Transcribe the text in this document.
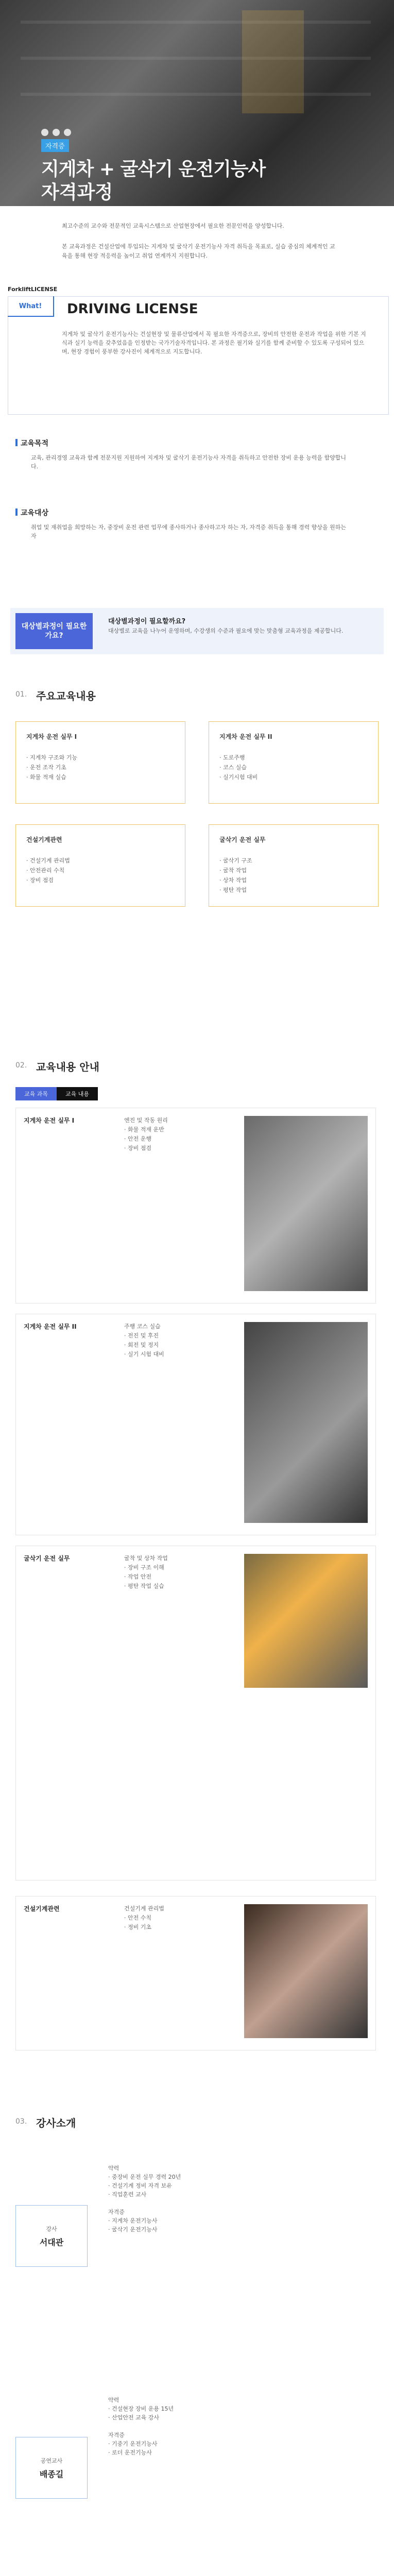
자격증
지게차 + 굴삭기 운전기능사
자격과정
최고수준의 교수와 전문적인 교육시스템으로 산업현장에서 필요한 전문인력을 양성합니다.
본 교육과정은 건설산업에 투입되는 지게차 및 굴삭기 운전기능사 자격 취득을 목표로, 실습 중심의 체계적인 교육을 통해 현장 적응력을 높이고 취업 연계까지 지원합니다.
ForkliftLICENSE
What!	DRIVING LICENSE
지게차 및 굴삭기 운전기능사는 건설현장 및 물류산업에서 꼭 필요한 자격증으로, 장비의 안전한 운전과 작업을 위한 기본 지식과 실기 능력을 갖추었음을 인정받는 국가기술자격입니다. 본 과정은 필기와 실기를 함께 준비할 수 있도록 구성되어 있으며, 현장 경험이 풍부한 강사진이 체계적으로 지도합니다.
교육목적
교육, 관리경영 교육과 함께 전문지원 지원하여 지게차 및 굴삭기 운전기능사 자격을 취득하고 안전한 장비 운용 능력을 함양합니다.
교육대상
취업 및 재취업을 희망하는 자, 중장비 운전 관련 업무에 종사하거나 종사하고자 하는 자, 자격증 취득을 통해 경력 향상을 원하는 자
대상별과정이 필요한가요?
대상별과정이 필요할까요?
대상별로 교육을 나누어 운영하며, 수강생의 수준과 필요에 맞는 맞춤형 교육과정을 제공합니다.
01. 주요교육내용
지게차 운전 실무 I
· 지게차 구조와 기능
· 운전 조작 기초
· 화물 적재 실습
지게차 운전 실무 II
· 도로주행
· 코스 실습
· 실기시험 대비
건설기계관련
· 건설기계 관리법
· 안전관리 수칙
· 장비 점검
굴삭기 운전 실무
· 굴삭기 구조
· 굴착 작업
· 상차 작업
· 평탄 작업
02. 교육내용 안내
교육 과목	교육 내용
지게차 운전 실무 I	엔진 및 작동 원리
· 화물 적재 운반
· 안전 운행
· 장비 점검
지게차 운전 실무 II	주행 코스 실습
· 전진 및 후진
· 회전 및 정지
· 실기 시험 대비
굴삭기 운전 실무	굴착 및 상차 작업
· 장비 구조 이해
· 작업 안전
· 평탄 작업 실습
건설기계관련	건설기계 관리법
· 안전 수칙
· 정비 기초
03. 강사소개
강사
서대관
약력
· 중장비 운전 실무 경력 20년
· 건설기계 정비 자격 보유
· 직업훈련 교사

자격증
· 지게차 운전기능사
· 굴삭기 운전기능사
공연교사
배종길
약력
· 건설현장 장비 운용 15년
· 산업안전 교육 강사

자격증
· 기중기 운전기능사
· 로더 운전기능사
